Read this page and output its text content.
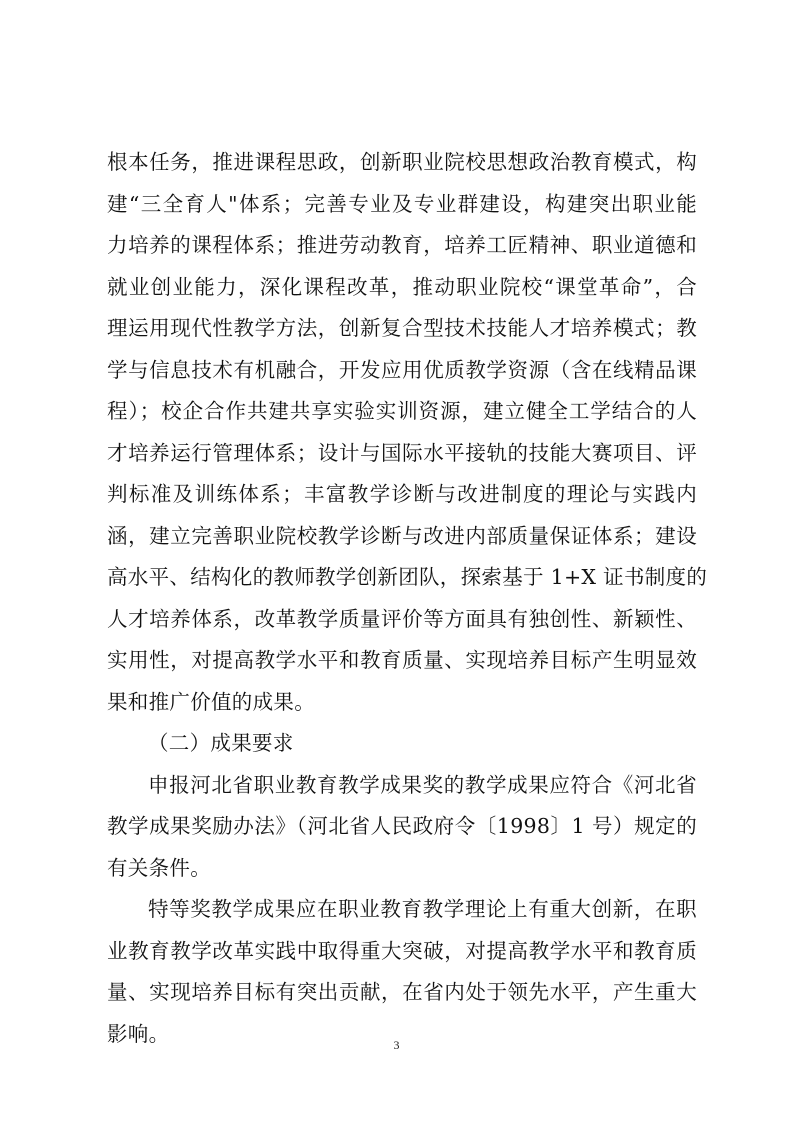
根本任务，推进课程思政，创新职业院校思想政治教育模式，构
建“三全育人"体系；完善专业及专业群建设，构建突出职业能
力培养的课程体系；推进劳动教育，培养工匠精神、职业道德和
就业创业能力，深化课程改革，推动职业院校“课堂革命”，合
理运用现代性教学方法，创新复合型技术技能人才培养模式；教
学与信息技术有机融合，开发应用优质教学资源（含在线精品课
程）；校企合作共建共享实验实训资源，建立健全工学结合的人
才培养运行管理体系；设计与国际水平接轨的技能大赛项目、评
判标准及训练体系；丰富教学诊断与改进制度的理论与实践内
涵，建立完善职业院校教学诊断与改进内部质量保证体系；建设
高水平、结构化的教师教学创新团队，探索基于 1+X 证书制度的
人才培养体系，改革教学质量评价等方面具有独创性、新颖性、
实用性，对提高教学水平和教育质量、实现培养目标产生明显效
果和推广价值的成果。
（二）成果要求
申报河北省职业教育教学成果奖的教学成果应符合《河北省
教学成果奖励办法》（河北省人民政府令〔1998〕1 号）规定的
有关条件。
特等奖教学成果应在职业教育教学理论上有重大创新，在职
业教育教学改革实践中取得重大突破，对提高教学水平和教育质
量、实现培养目标有突出贡献，在省内处于领先水平，产生重大
影响。	3
